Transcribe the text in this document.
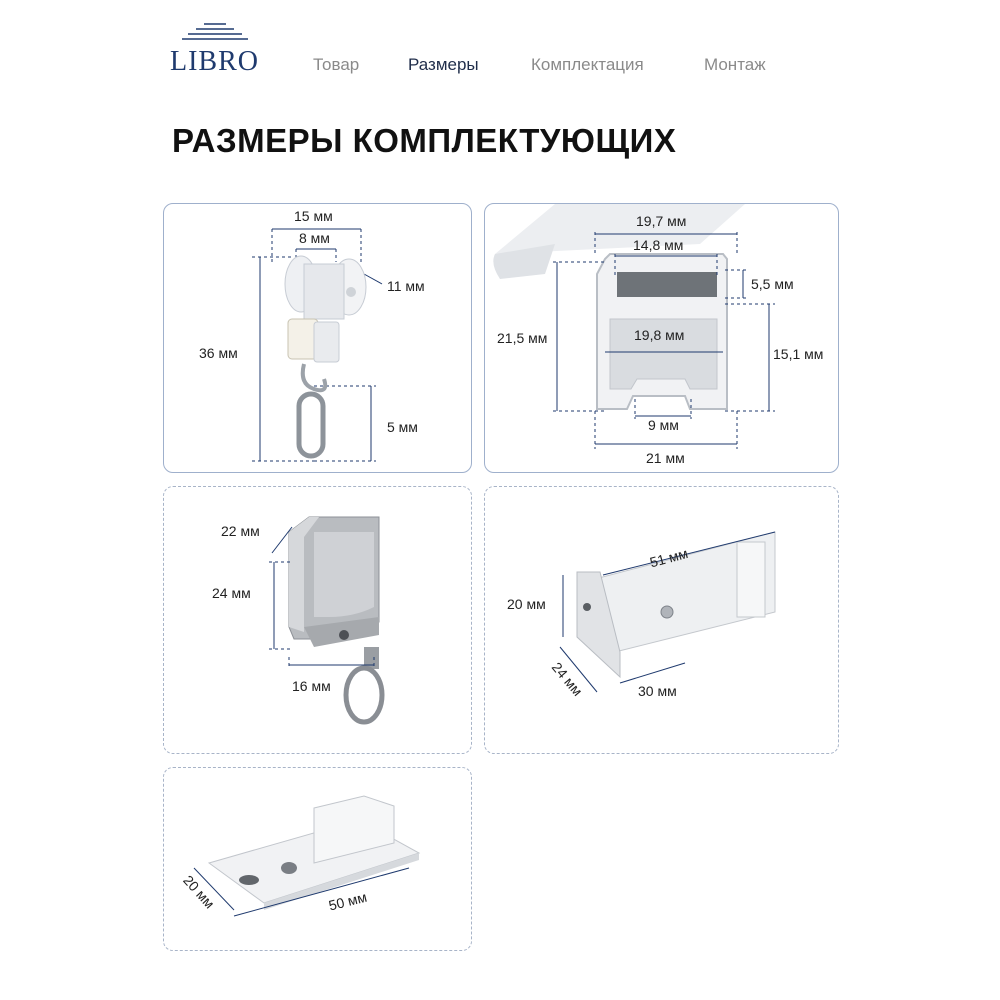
LIBRO	Товар	Размеры	Комплектация	Монтаж
РАЗМЕРЫ КОМПЛЕКТУЮЩИХ
15 мм
8 мм
11 мм
36 мм
5 мм
19,7 мм
14,8 мм
5,5 мм
21,5 мм	19,8 мм
15,1 мм
9 мм
21 мм
22 мм
24 мм
16 мм
20 мм
30 мм
51 мм
24 мм
20 мм	50 мм
